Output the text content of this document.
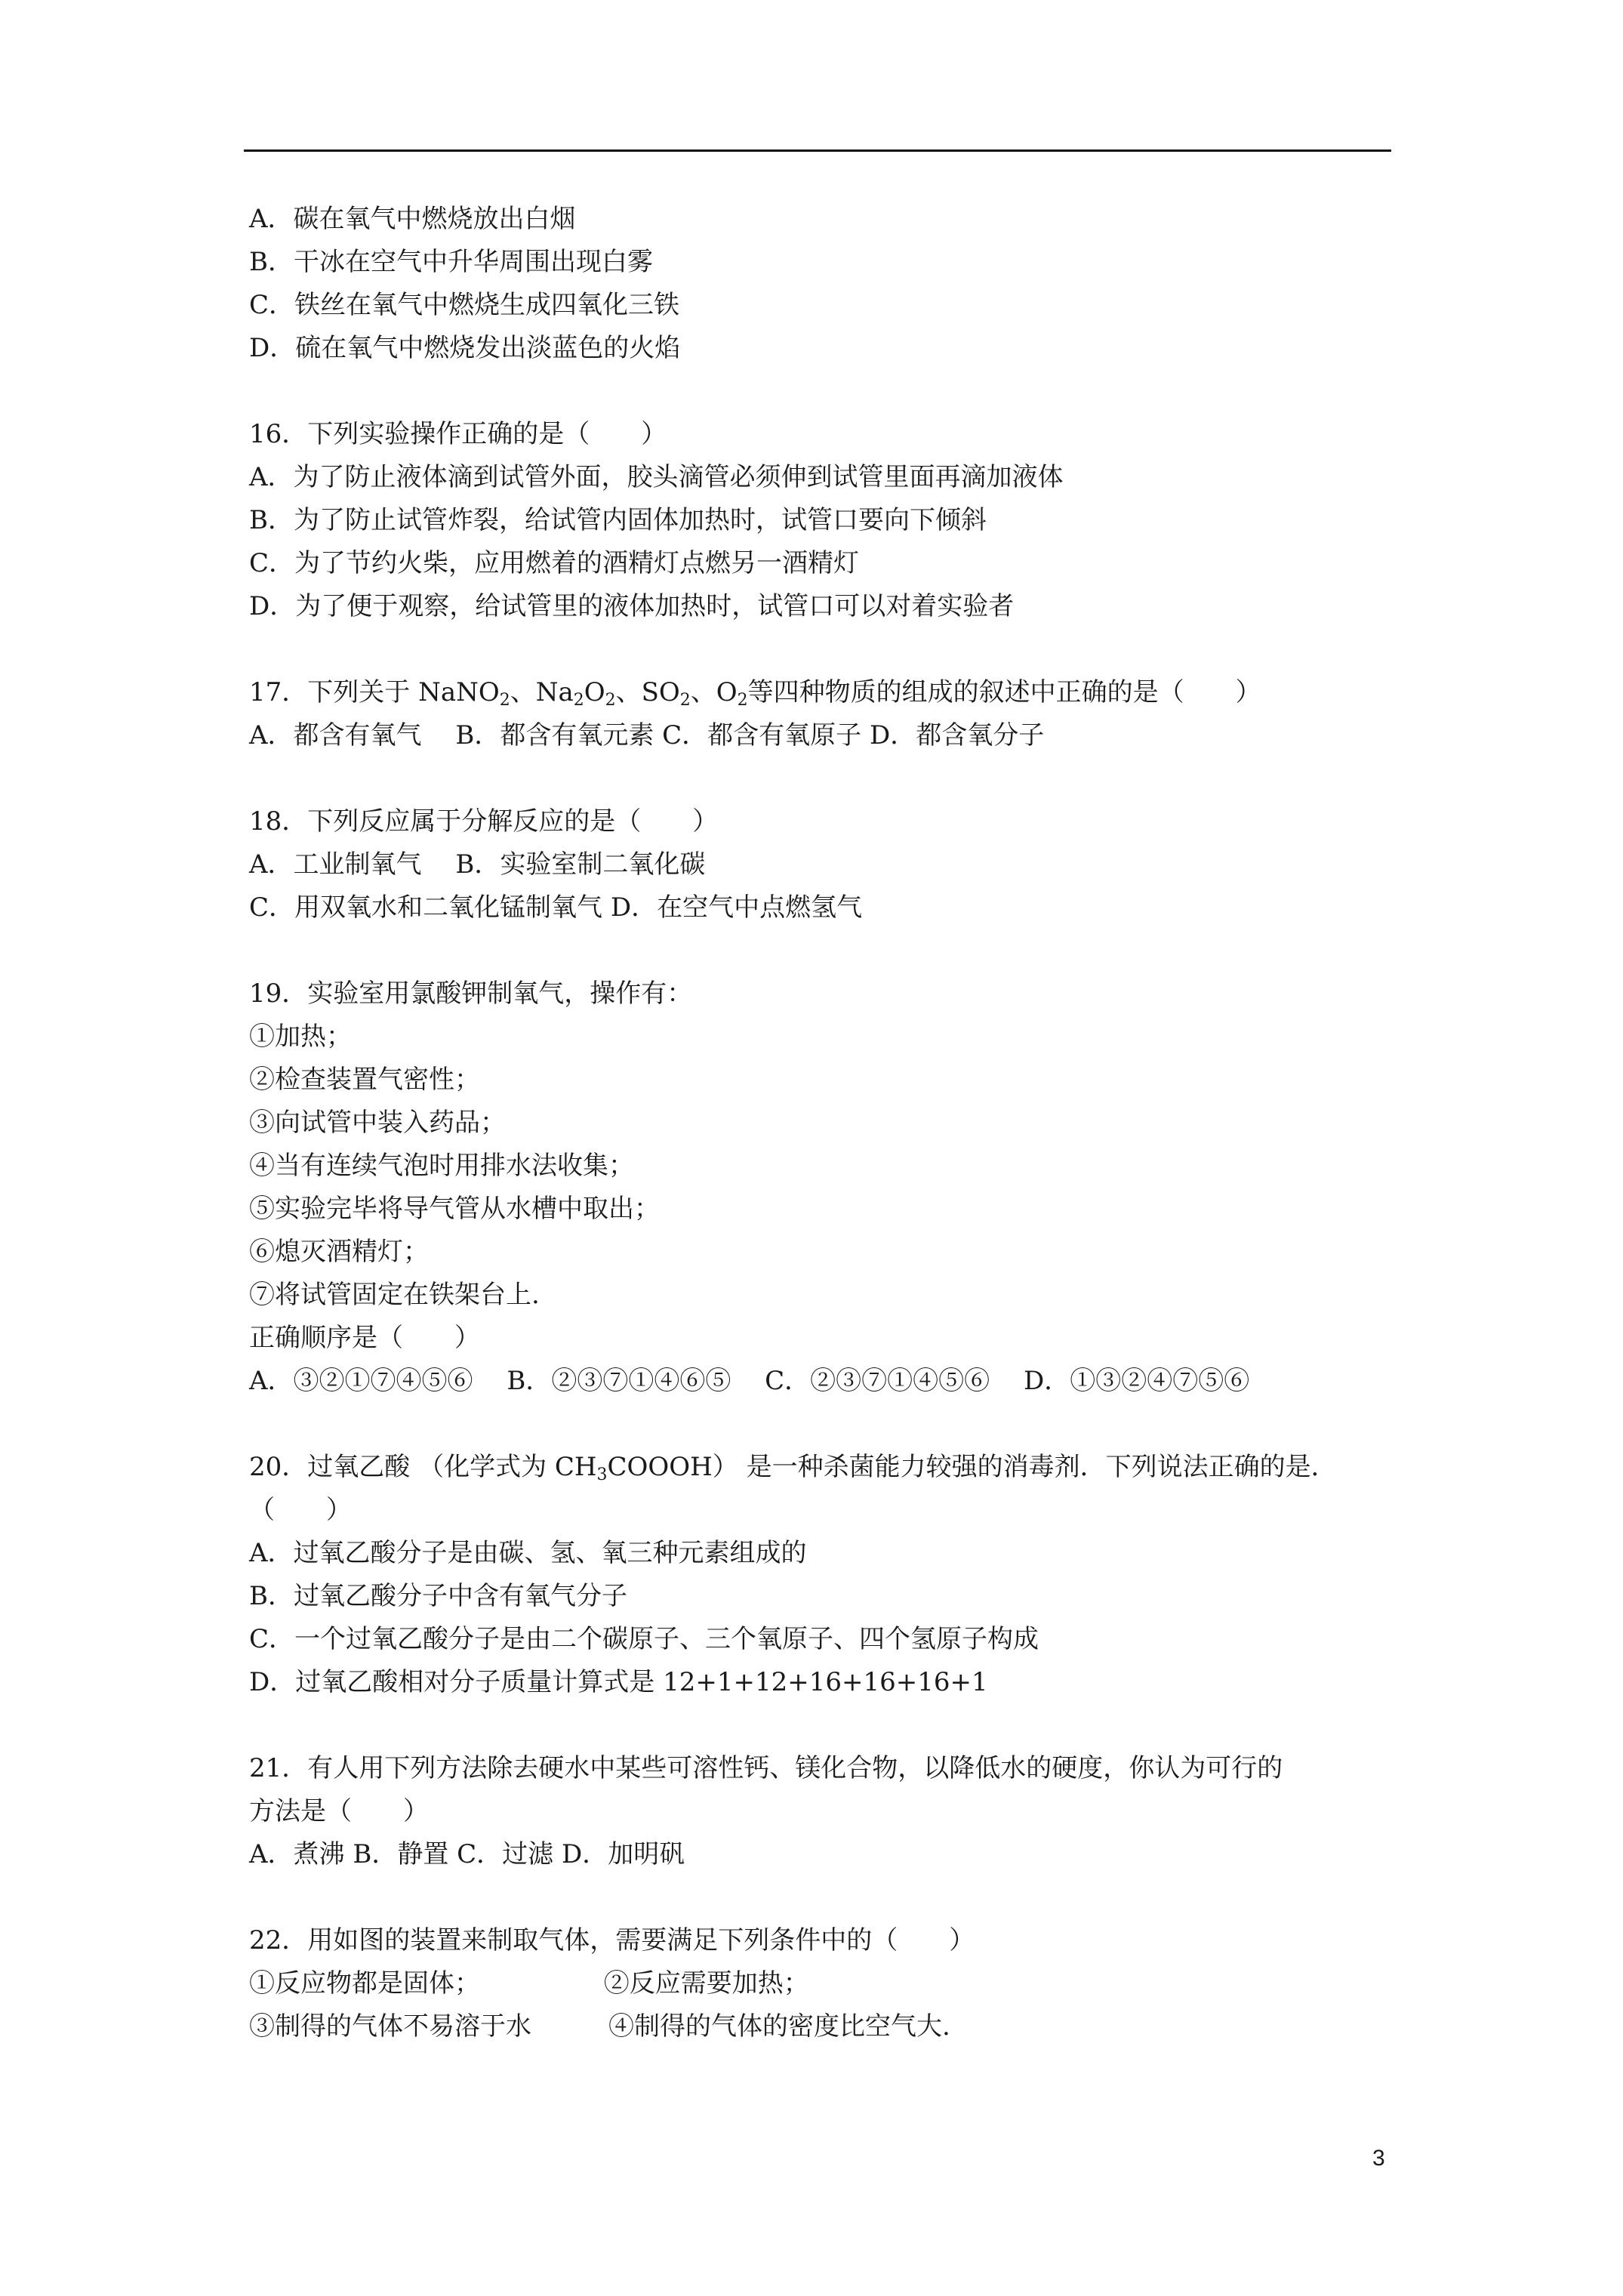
A．碳在氧气中燃烧放出白烟
B．干冰在空气中升华周围出现白雾
C．铁丝在氧气中燃烧生成四氧化三铁
D．硫在氧气中燃烧发出淡蓝色的火焰
16．下列实验操作正确的是（　　）
A．为了防止液体滴到试管外面，胶头滴管必须伸到试管里面再滴加液体
B．为了防止试管炸裂，给试管内固体加热时，试管口要向下倾斜
C．为了节约火柴，应用燃着的酒精灯点燃另一酒精灯
D．为了便于观察，给试管里的液体加热时，试管口可以对着实验者
17．下列关于 NaNO$_2$、$Na_2O_2$、$SO_2$、$O_2$等四种物质的组成的叙述中正确的是（　　）
A．都含有氧气　 B．都含有氧元素 C．都含有氧原子 D．都含氧分子
18．下列反应属于分解反应的是（　　）
A．工业制氧气　 B．实验室制二氧化碳
C．用双氧水和二氧化锰制氧气 D．在空气中点燃氢气
19．实验室用氯酸钾制氧气，操作有：
①加热；
②检查装置气密性；
③向试管中装入药品；
④当有连续气泡时用排水法收集；
⑤实验完毕将导气管从水槽中取出；
⑥熄灭酒精灯；
⑦将试管固定在铁架台上.
正确顺序是（　　）
A．③②①⑦④⑤⑥　 B．②③⑦①④⑥⑤　 C．②③⑦①④⑤⑥　 D．①③②④⑦⑤⑥
20．过氧乙酸 （化学式为 $CH_3COOOH$） 是一种杀菌能力较强的消毒剂．下列说法正确的是．
（　　）
A．过氧乙酸分子是由碳、氢、氧三种元素组成的
B．过氧乙酸分子中含有氧气分子
C．一个过氧乙酸分子是由二个碳原子、三个氧原子、四个氢原子构成
D．过氧乙酸相对分子质量计算式是 12+1+12+16+16+16+1
21．有人用下列方法除去硬水中某些可溶性钙、镁化合物，以降低水的硬度，你认为可行的
方法是（　　）
A．煮沸 B．静置 C．过滤 D．加明矾
22．用如图的装置来制取气体，需要满足下列条件中的（　　）
①反应物都是固体；　　　　　 ②反应需要加热；
③制得的气体不易溶于水　　　④制得的气体的密度比空气大.
3
